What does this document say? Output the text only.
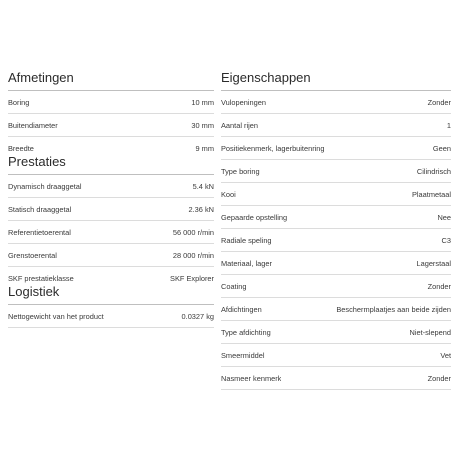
Afmetingen
Boring	10 mm
Buitendiameter	30 mm
Breedte	9 mm
Prestaties
Dynamisch draaggetal	5.4 kN
Statisch draaggetal	2.36 kN
Referentietoerental	56 000 r/min
Grenstoerental	28 000 r/min
SKF prestatieklasse	SKF Explorer
Logistiek
Nettogewicht van het product	0.0327 kg
Eigenschappen
Vulopeningen	Zonder
Aantal rijen	1
Positiekenmerk, lagerbuitenring	Geen
Type boring	Cilindrisch
Kooi	Plaatmetaal
Gepaarde opstelling	Nee
Radiale speling	C3
Materiaal, lager	Lagerstaal
Coating	Zonder
Afdichtingen	Beschermplaatjes aan beide zijden
Type afdichting	Niet-slepend
Smeermiddel	Vet
Nasmeer kenmerk	Zonder
